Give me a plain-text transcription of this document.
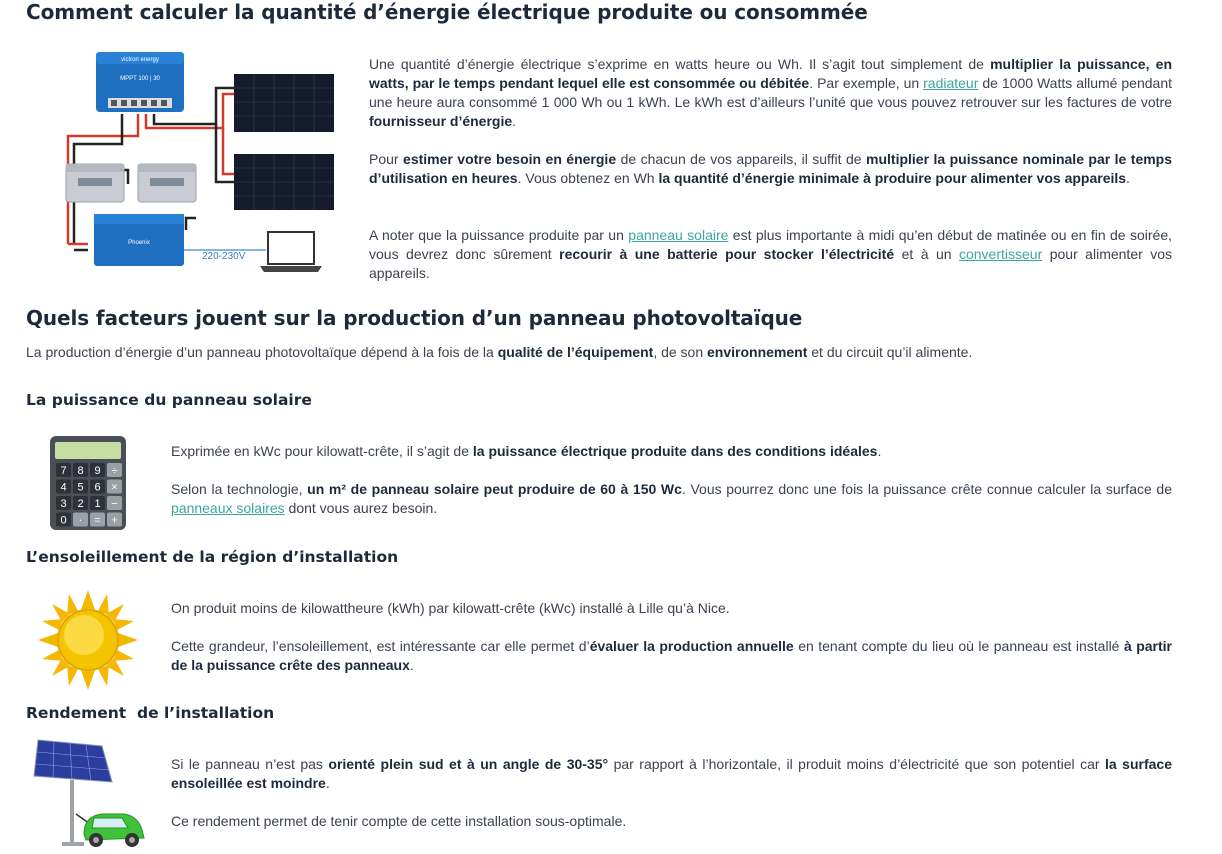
Comment calculer la quantité d’énergie électrique produite ou consommée
victron energy
MPPT 100 | 30
Phoenix
220-230V

Une quantité d’énergie électrique s’exprime en watts heure ou Wh. Il s’agit tout simplement de multiplier la puissance, en watts, par le temps pendant lequel elle est consommée ou débitée. Par exemple, un radiateur de 1000 Watts allumé pendant une heure aura consommé 1 000 Wh ou 1 kWh. Le kWh est d’ailleurs l’unité que vous pouvez retrouver sur les factures de votre fournisseur d’énergie.

Pour estimer votre besoin en énergie de chacun de vos appareils, il suffit de multiplier la puissance nominale par le temps d’utilisation en heures. Vous obtenez en Wh la quantité d’énergie minimale à produire pour alimenter vos appareils.

A noter que la puissance produite par un panneau solaire est plus importante à midi qu’en début de matinée ou en fin de soirée, vous devrez donc sûrement recourir à une batterie pour stocker l’électricité et à un convertisseur pour alimenter vos appareils.

Quels facteurs jouent sur la production d’un panneau photovoltaïque

La production d’énergie d’un panneau photovoltaïque dépend à la fois de la qualité de l’équipement, de son environnement et du circuit qu’il alimente.

La puissance du panneau solaire
7 8 9 ÷
4 5 6 ×
3 2 1 −
0 · = +

Exprimée en kWc pour kilowatt-crête, il s’agit de la puissance électrique produite dans des conditions idéales.

Selon la technologie, un m² de panneau solaire peut produire de 60 à 150 Wc. Vous pourrez donc une fois la puissance crête connue calculer la surface de panneaux solaires dont vous aurez besoin.

L’ensoleillement de la région d’installation

On produit moins de kilowattheure (kWh) par kilowatt-crête (kWc) installé à Lille qu’à Nice.

Cette grandeur, l’ensoleillement, est intéressante car elle permet d’évaluer la production annuelle en tenant compte du lieu où le panneau est installé à partir de la puissance crête des panneaux.

Rendement  de l’installation

Si le panneau n’est pas orienté plein sud et à un angle de 30-35° par rapport à l’horizontale, il produit moins d’électricité que son potentiel car la surface ensoleillée est moindre.

Ce rendement permet de tenir compte de cette installation sous-optimale.
